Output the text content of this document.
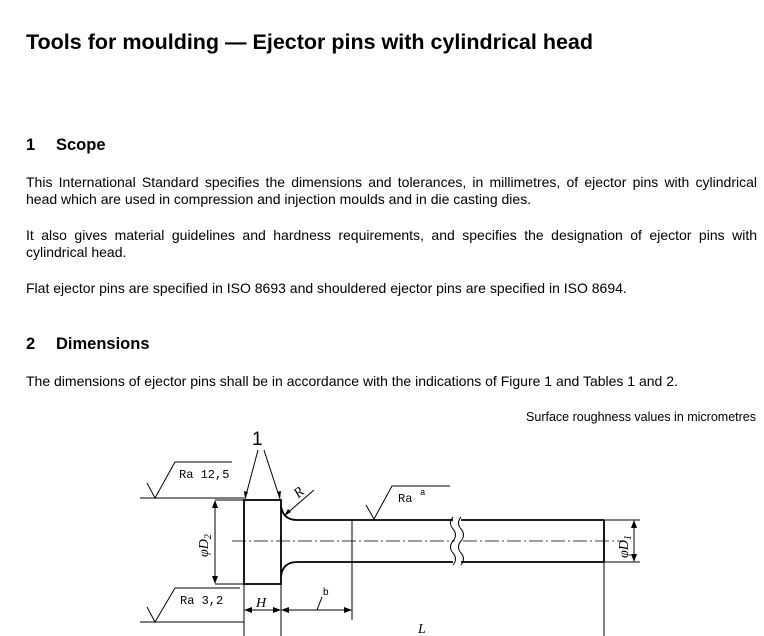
Tools for moulding — Ejector pins with cylindrical head
1 Scope

This International Standard specifies the dimensions and tolerances, in millimetres, of ejector pins with cylindrical head which are used in compression and injection moulds and in die casting dies.

It also gives material guidelines and hardness requirements, and specifies the designation of ejector pins with cylindrical head.

Flat ejector pins are specified in ISO 8693 and shouldered ejector pins are specified in ISO 8694.

2 Dimensions

The dimensions of ejector pins shall be in accordance with the indications of Figure 1 and Tables 1 and 2.

Surface roughness values in micrometres
1
Ra 12,5
Ra 3,2
Ra a
R
$\varphi D_2$
$\varphi D_1$
H
b
L
